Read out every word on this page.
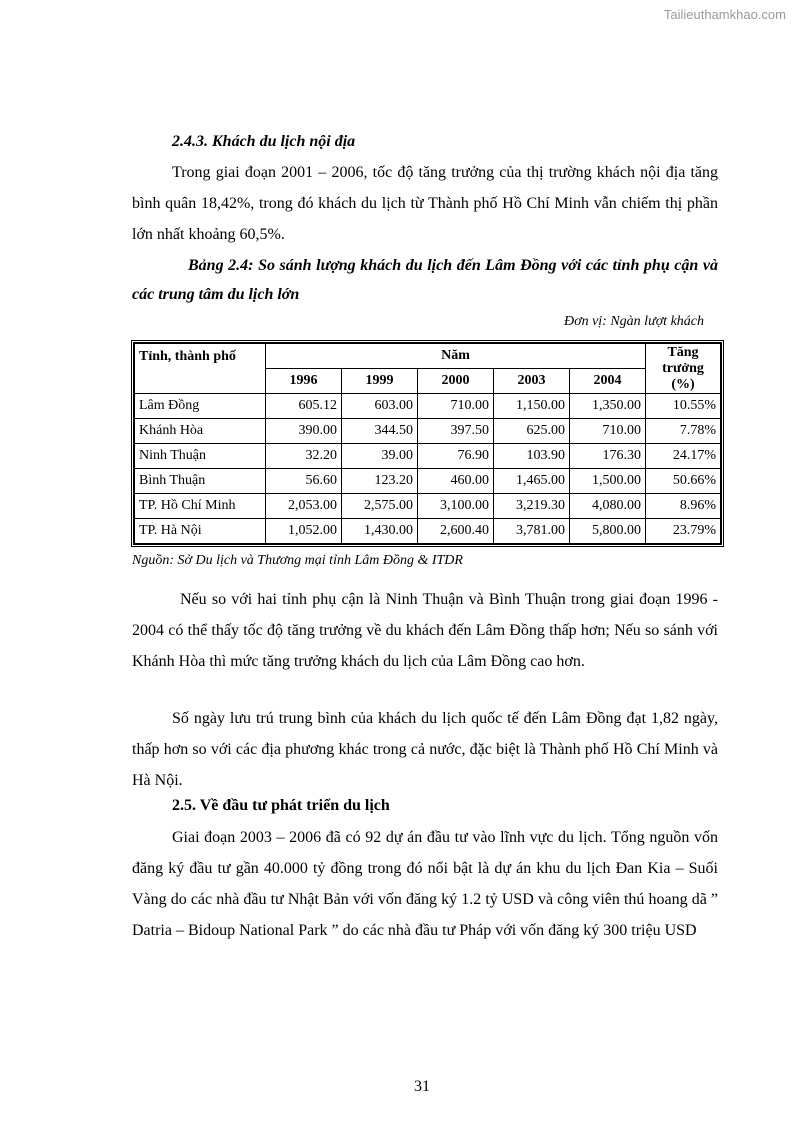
Tailieuthamkhao.com
2.4.3. Khách du lịch nội địa

Trong giai đoạn 2001 – 2006, tốc độ tăng trưởng của thị trường khách nội địa tăng bình quân 18,42%, trong đó khách du lịch từ Thành phố Hồ Chí Minh vẫn chiếm thị phần lớn nhất khoảng 60,5%.

Bảng 2.4: So sánh lượng khách du lịch đến Lâm Đồng với các tỉnh phụ cận và các trung tâm du lịch lớn

Đơn vị: Ngàn lượt khách
Tỉnh, thành phố	Năm					Tăng trưởng (%)
	1996	1999	2000	2003	2004	
Lâm Đồng	605.12	603.00	710.00	1,150.00	1,350.00	10.55%
Khánh Hòa	390.00	344.50	397.50	625.00	710.00	7.78%
Ninh Thuận	32.20	39.00	76.90	103.90	176.30	24.17%
Bình Thuận	56.60	123.20	460.00	1,465.00	1,500.00	50.66%
TP. Hồ Chí Minh	2,053.00	2,575.00	3,100.00	3,219.30	4,080.00	8.96%
TP. Hà Nội	1,052.00	1,430.00	2,600.40	3,781.00	5,800.00	23.79%
Nguồn: Sở Du lịch và Thương mại tỉnh Lâm Đồng & ITDR

Nếu so với hai tỉnh phụ cận là Ninh Thuận và Bình Thuận trong giai đoạn 1996 - 2004 có thể thấy tốc độ tăng trưởng về du khách đến Lâm Đồng thấp hơn; Nếu so sánh với Khánh Hòa thì mức tăng trưởng khách du lịch của Lâm Đồng cao hơn.

Số ngày lưu trú trung bình của khách du lịch quốc tế đến Lâm Đồng đạt 1,82 ngày, thấp hơn so với các địa phương khác trong cả nước, đặc biệt là Thành phố Hồ Chí Minh và Hà Nội.

2.5. Về đầu tư phát triển du lịch

Giai đoạn 2003 – 2006 đã có 92 dự án đầu tư vào lĩnh vực du lịch. Tổng nguồn vốn đăng ký đầu tư gần 40.000 tỷ đồng trong đó nổi bật là dự án khu du lịch Đan Kia – Suối Vàng do các nhà đầu tư Nhật Bản với vốn đăng ký 1.2 tỷ USD và công viên thú hoang dã ” Datria – Bidoup National Park ” do các nhà đầu tư Pháp với vốn đăng ký 300 triệu USD

31
